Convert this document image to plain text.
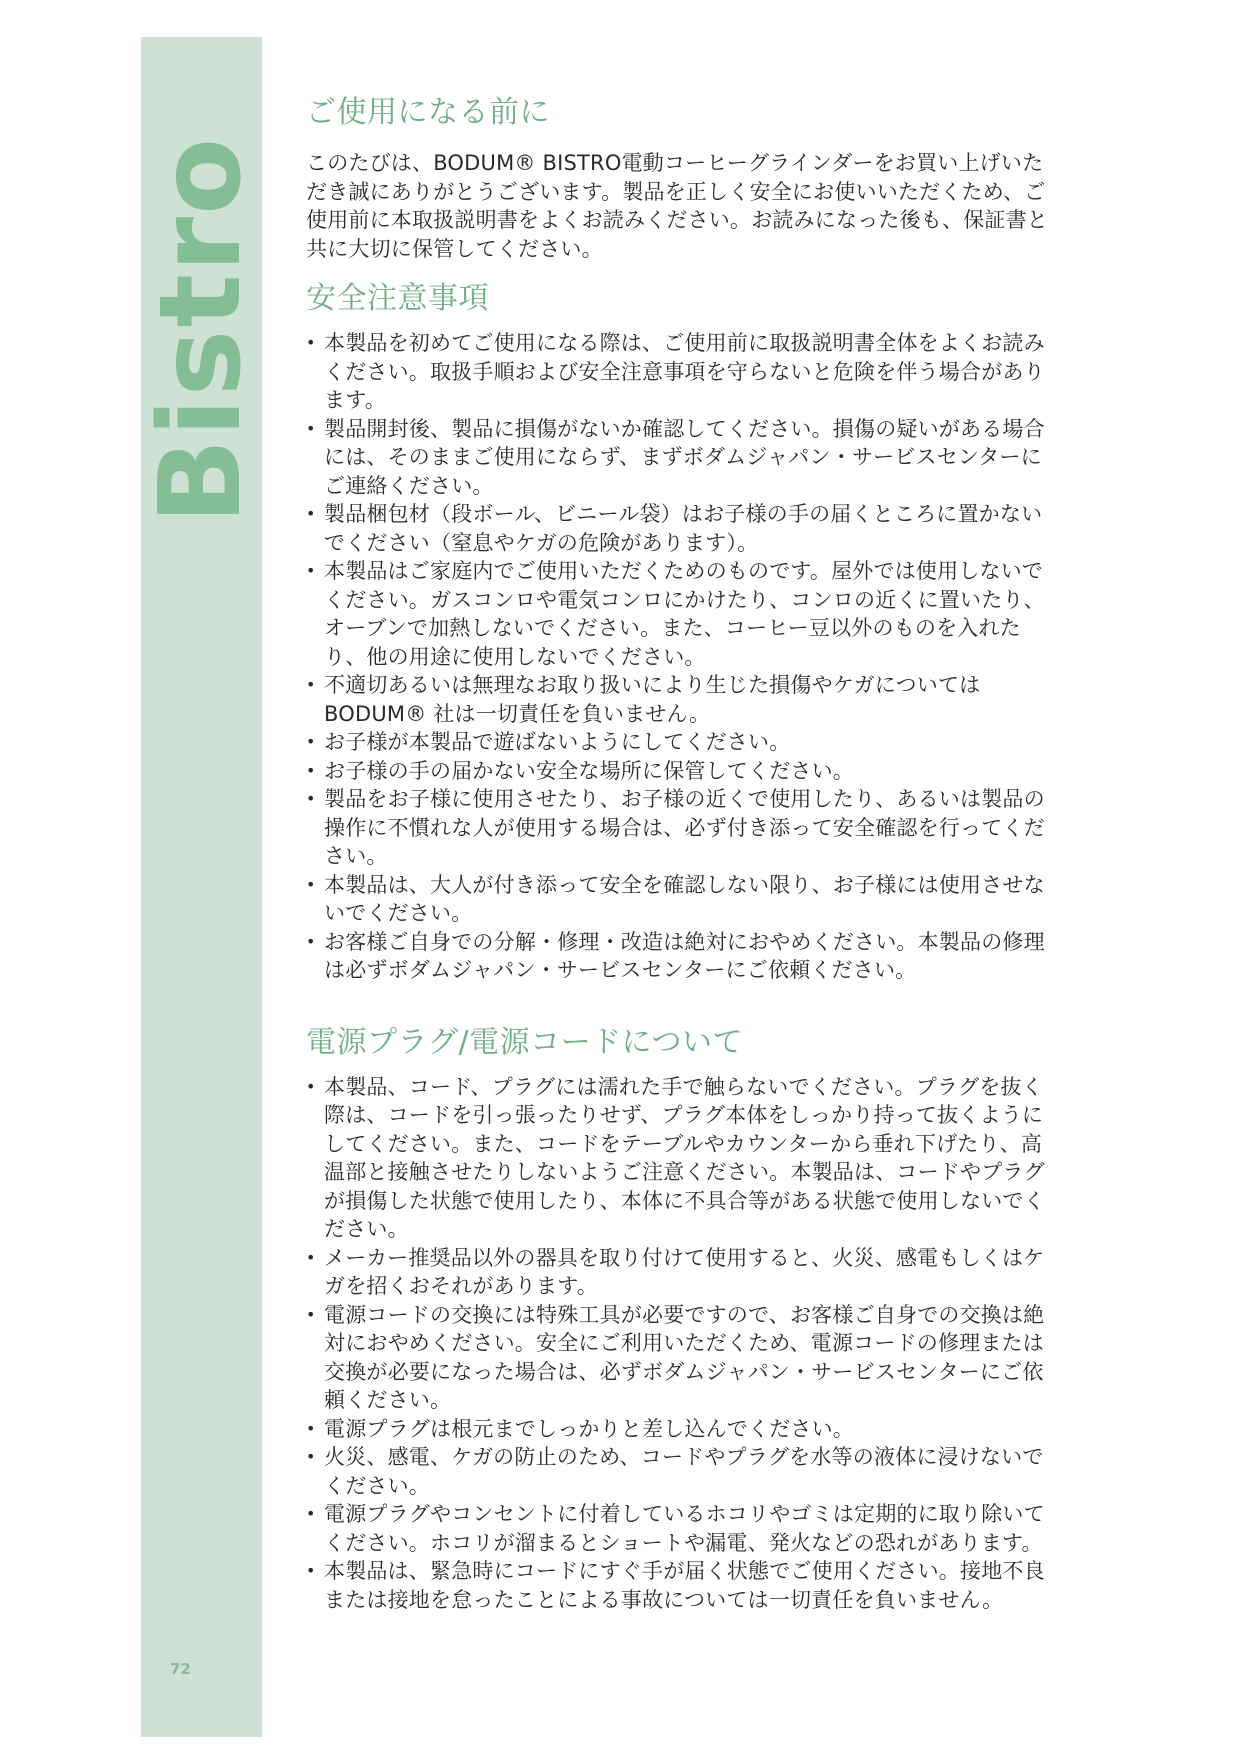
Bistro
72
ご使用になる前に

このたびは、BODUM® BISTRO電動コーヒーグラインダーをお買い上げいただき誠にありがとうございます。製品を正しく安全にお使いいただくため、ご使用前に本取扱説明書をよくお読みください。お読みになった後も、保証書と共に大切に保管してください。

安全注意事項
• 本製品を初めてご使用になる際は、ご使用前に取扱説明書全体をよくお読みください。取扱手順および安全注意事項を守らないと危険を伴う場合があります。
• 製品開封後、製品に損傷がないか確認してください。損傷の疑いがある場合には、そのままご使用にならず、まずボダムジャパン・サービスセンターにご連絡ください。
• 製品梱包材（段ボール、ビニール袋）はお子様の手の届くところに置かないでください（窒息やケガの危険があります）。
• 本製品はご家庭内でご使用いただくためのものです。屋外では使用しないでください。ガスコンロや電気コンロにかけたり、コンロの近くに置いたり、オーブンで加熱しないでください。また、コーヒー豆以外のものを入れたり、他の用途に使用しないでください。
• 不適切あるいは無理なお取り扱いにより生じた損傷やケガについてはBODUM® 社は一切責任を負いません。
• お子様が本製品で遊ばないようにしてください。
• お子様の手の届かない安全な場所に保管してください。
• 製品をお子様に使用させたり、お子様の近くで使用したり、あるいは製品の操作に不慣れな人が使用する場合は、必ず付き添って安全確認を行ってください。
• 本製品は、大人が付き添って安全を確認しない限り、お子様には使用させないでください。
• お客様ご自身での分解・修理・改造は絶対におやめください。本製品の修理は必ずボダムジャパン・サービスセンターにご依頼ください。
電源プラグ/電源コードについて
• 本製品、コード、プラグには濡れた手で触らないでください。プラグを抜く際は、コードを引っ張ったりせず、プラグ本体をしっかり持って抜くようにしてください。また、コードをテーブルやカウンターから垂れ下げたり、高温部と接触させたりしないようご注意ください。本製品は、コードやプラグが損傷した状態で使用したり、本体に不具合等がある状態で使用しないでください。
• メーカー推奨品以外の器具を取り付けて使用すると、火災、感電もしくはケガを招くおそれがあります。
• 電源コードの交換には特殊工具が必要ですので、お客様ご自身での交換は絶対におやめください。安全にご利用いただくため、電源コードの修理または交換が必要になった場合は、必ずボダムジャパン・サービスセンターにご依頼ください。
• 電源プラグは根元までしっかりと差し込んでください。
• 火災、感電、ケガの防止のため、コードやプラグを水等の液体に浸けないでください。
• 電源プラグやコンセントに付着しているホコリやゴミは定期的に取り除いてください。ホコリが溜まるとショートや漏電、発火などの恐れがあります。
• 本製品は、緊急時にコードにすぐ手が届く状態でご使用ください。接地不良または接地を怠ったことによる事故については一切責任を負いません。
